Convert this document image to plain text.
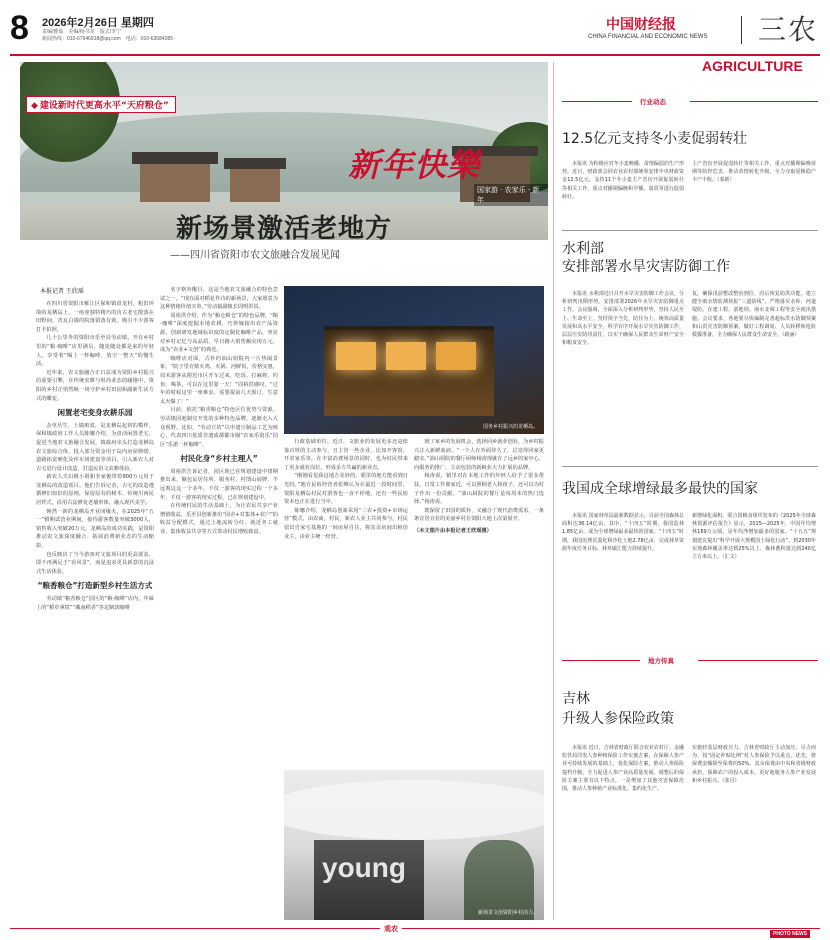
8 2026年2月26日 星期四
责编/雅茹　美编/杨书龙　版式/李宁
新闻热线：010-67646918@qq.com　电话：010-63584285
中国财经报
CHINA FINANCIAL AND ECONOMIC NEWS 三农
AGRICULTURE
◆ 建设新时代更高水平“天府粮仓”
新年快樂
国家游 · 农家乐 · 新年
新场景激活老地方
——四川省资阳市农文旅融合发展见闻
本报记者 王欣瑶

在四川省资阳市雁江区保和镇盘龙村，粗旧环境的龙栖岛上，一座座独特精巧的仿古老宅散落在田野间，青瓦白墙的院落错落有致，吸引不少游客打卡拍照。

几十公里外的资阳市乐至县劳动镇，开在乡村里的“粮·咖啡”店里满员，随处随处都是来的年轻人，享受着“喝上一杯咖啡，放空一整天”的慢生活。

近年来，农文旅融合正日益成为资阳乡村振兴的重要引擎，在传统农耕与时尚业态的碰撞中，资阳的乡村正悄然焕一场守护乡村田园和副新生活方式的蝶变。

闲置老宅变身农耕乐园

杂草丛生，土墙斑驳，是龙栖岛起初的模样。保和镇政府工作人员陈娜介绍，为盘活闲置老宅，促进当地农文旅融合发展，镇政府牵头打造龙栖岛农文旅综合体，投入部分资金用于岛内房屋修缮、道路拓宽硬化及停车场建设等项目，引入新农人对古宅进行设计改造，打造民俗文农耕体验。

新农人夫妇姚小娟和李家俊带着900万元用于龙栖岛的改造项目。他们告诉记者，古宅的改造遵循修旧如旧的原则，保留原有的树木、传统川西民居样式，沿用古法修复老墙形体，融入现代美学。

焕然一新的龙栖岛开业闭缘火，在2025年“五一”假期试营业期间，接待游客数量突破3000人，销售收入突破20万元。龙栖岛的成功实践，是资阳推动农文旅深度融合、拓展消费新业态的生动缩影。

也反映出了当今游客对文旅项目的更高要求，即不再满足于“看风景”，而是追求更具新意的沉浸式生活体验。

“粮香粮仓”打造新型乡村生活方式

劳动镇“粮香粮仓”园区的“粮·咖啡”店内，年味上的“稻草拿铁”“藏南稻香”等定制款咖啡

名字格外醒目，这是当地农文旅融合的特色尝试之一。“现在面对稻花作诗的新场景，大家愿意为这种情绪价值买单。”劳动镇副镇长周明洪说。

周裕洪介绍，作为“粮仓粮仓”的特色品牌，“粮·咖啡”深度挖掘本地农耕，巧妙嫁接出农产品资源，创新研发地域标识度的定制化咖啡产品，突显对乡村记忆与高品质、早日籍大销售额实现万元，成为“农业+文创”的典范。

咖啡店对面，古朴的油山厨院内一片热闹景象。“院子里有柴火鸡、火锅、河鲜饭，价格实惠，周末游客从附近市区开车过来，吃饭、打麻将、钓鱼、喝茶，可以在这里耍一天！”周裕洪感叹，“过年的时候这里一座难求，需要提前几天预订，生意太火爆了！”

目前，依托“粮香粮仓”特色区位优势与资源，劳动镇因地制宜开发的多种特色品牌，逐渐走入大众视野。比如，“劳动豆坊”以申遗豆制品工艺为核心，代表四川优质非遗成都都市圈“农家乐资乐”园区“乐游一杯咖啡”。

村民化身“乡村主理人”

周裕洪告诉记者，园区现已在规划建设中排期推出来，额包民居住所、服务村、村图山展牌，不远观这这一个多年，不仅一游客的现实过程一个多年，不仅一游客的现实过程，已在规划建设中。

在传统村民的生活基础上，为让农民共享产业增值收益，乐至县创新推出“园企+对集体+农户”的收益分配模式，通过土地流转分红、就近务工就业、集体收益共享等方式带动村民增收致富。

国务乡村振兴的龙栖岛。

行政基础单位。近日，文旅业的发展更多还是依靠百姓的主动参与，且主管一些企业，比如开客馆，开农家乐等，在丰富消费场景的同时，也为村民带来了更多就业岗位，形成多方共赢的新业态。

“刚刚看见我这地方美妙的、那里的地方能看到日光吗，”地方民宿经营者张峰认为在最近一段时间里，资阳龙栖岛村民对游客也一直不停地，还有一些民宿资本也正在进行当中。

陈娜介绍，龙栖岛创新采用“三农+投资+市场运营”模式，由农商，村民，新农人业主共同参与，村民留出自家宅基地的一间房屋自住，将其余房间出租给业主，由业主统一经营。

到了家乡的发展机会，选择回乡就业创业，为乡村振兴注入新鲜血液。“一个人在外面待久了，总觉得回家更踏实。”油山厨院的餐厅厨师杨涛现就在了远乡的家中心，向服务的推广，主动包装的新粮业大力扩展的品牌。

杨涛说，镇里对在本地工作的年轻人给予了很多帮扶，日常工作离家近，可以照顾老人和孩子，还可以为村子作出一份贡献。“油山厨院的餐厅是每周末的热门选择。”杨涛说。

既保留了田园的质朴，又融合了现代消费需求，一条条宜居宜业的美丽乡村在资阳大地上次第展开。

（本文图片由本报记者王欣瑶摄）

young
新场景文创资阳乡村活力。
行业动态
12.5亿元支持冬小麦促弱转壮

本报讯 为积极应对冬小麦晚播、苗情偏弱的生产形势，近日，财政部会同农业农村部统筹安排中央财政资金12.5亿元，支持11个冬小麦主产省份开展促弱转壮等相关工作，重点对播期偏晚和早播、弱苗等进行促弱转壮。

主产省份开展促弱转壮等相关工作，重点对播期偏晚苗期等防控危害，推动苗情转化升级，全力夺取夏粮稳产丰产丰收。（秦新）

水利部
安排部署水旱灾害防御工作

本报讯 水利部近日召开水旱灾害防御工作会议，分析研判汛期形势，安排部署2026年水旱灾害防御重点工作。会议强调，全面深入分析研判形势，坚持人民至上、生命至上，坚持预字当先，防住为上，统筹高质量发展和高水平安全，科学有序开展水旱灾害防御工作，层层压实防汛责任，以实干确保人民群众生命财产安全和粮食安全。

复，确保汛前整改整治到位，汛后恢复防洪功能。建立健全雨水情监测预报“三道防线”，严格落实水库、河道堤防、在建工程、淤地坝、南水北调工程等安全度汛措施。会议要求，各地要尽快编制完善超标洪水防御预案和山洪灾害防御预案，做好工程调度、人员转移和抢险救援准备，全力确保人民群众生命安全。（路涵）

我国成全球增绿最多最快的国家

本报讯 国家林草局最新数据显示，目前全国森林总面积达36.14亿亩，其中，“十四五”时期，我国造林1.85亿亩，成为全球增绿最多最快的国家。“十四五”时期，我国治理荒漠化和沙化土地2.78亿亩，完成林草资源年度任务目标，林草碳汇能力持续提升。

新增绿化面积。联合国粮食组织发布的《2025年全球森林资源评估报告》显示，2015—2025年，中国年均增林169万公顷，是年均净增加最多的国家。“十五五”规划建议提出“科学开展大规模国土绿化行动”，到2030年实现森林覆盖率达到25%以上，森林蓄积量达到240亿立方米以上。（汇文）

地方传真
吉林
升级人参保险政策

本报讯 近日，吉林省财政厅联合农业农村厅、金融监管局印发人参种植保险工作实施方案，在保障人参产业可持续发展的基础上，优化保险方案，推动人参保险提档升级，全力促进人参产业高质量发展。调整后的保险方案主要有以下特点，一是增加了其他灾害保障范围，推动人参种植产业标准化、集约化生产。

实施轻基层财政压力。吉林省财政厅主动加压，尽力而为，按“固定补贴比例”对人参保险予以重点，优先，将保费金额降至保费的50%，其余保费由中央和省级财政承担，保障农户的投入成本，更好地服务人参产业发展和乡村振兴。（张丹）

观农
PHOTO NEWS
